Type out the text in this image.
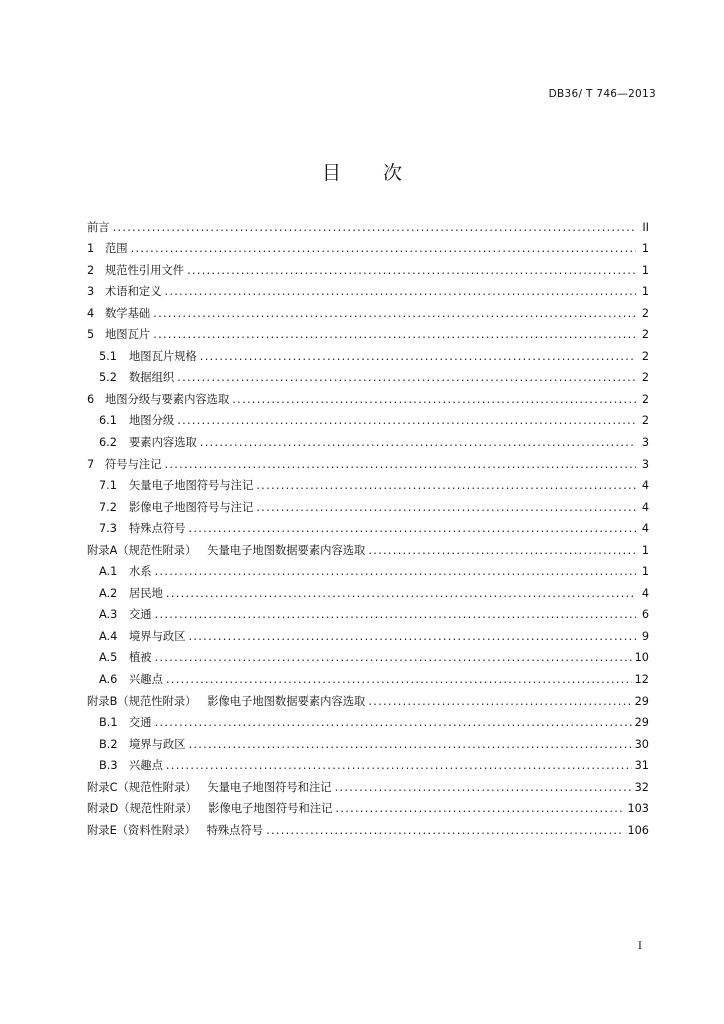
DB36/ T 746—2013
目 次
前言 .....	II
1 范围 .....	1
2 规范性引用文件 .....	1
3 术语和定义 .....	1
4 数学基础 .....	2
5 地图瓦片 .....	2
5.1	地图瓦片规格 .....	2
5.2	数据组织 .....	2
6 地图分级与要素内容选取 .....	2
6.1	地图分级 .....	2
6.2	要素内容选取 .....	3
7 符号与注记 .....	3
7.1	矢量电子地图符号与注记 .....	4
7.2	影像电子地图符号与注记 .....	4
7.3	特殊点符号 .....	4
附录A（规范性附录）   矢量电子地图数据要素内容选取 .....	1
A.1	水系 .....	1
A.2	居民地 .....	4
A.3	交通 .....	6
A.4	境界与政区 .....	9
A.5	植被 .....	10
A.6	兴趣点 .....	12
附录B（规范性附录）   影像电子地图数据要素内容选取 .....	29
B.1	交通 .....	29
B.2	境界与政区 .....	30
B.3	兴趣点 .....	31
附录C（规范性附录）   矢量电子地图符号和注记 .....	32
附录D（规范性附录）   影像电子地图符号和注记 .....	103
附录E（资料性附录）   特殊点符号 .....	106
I
